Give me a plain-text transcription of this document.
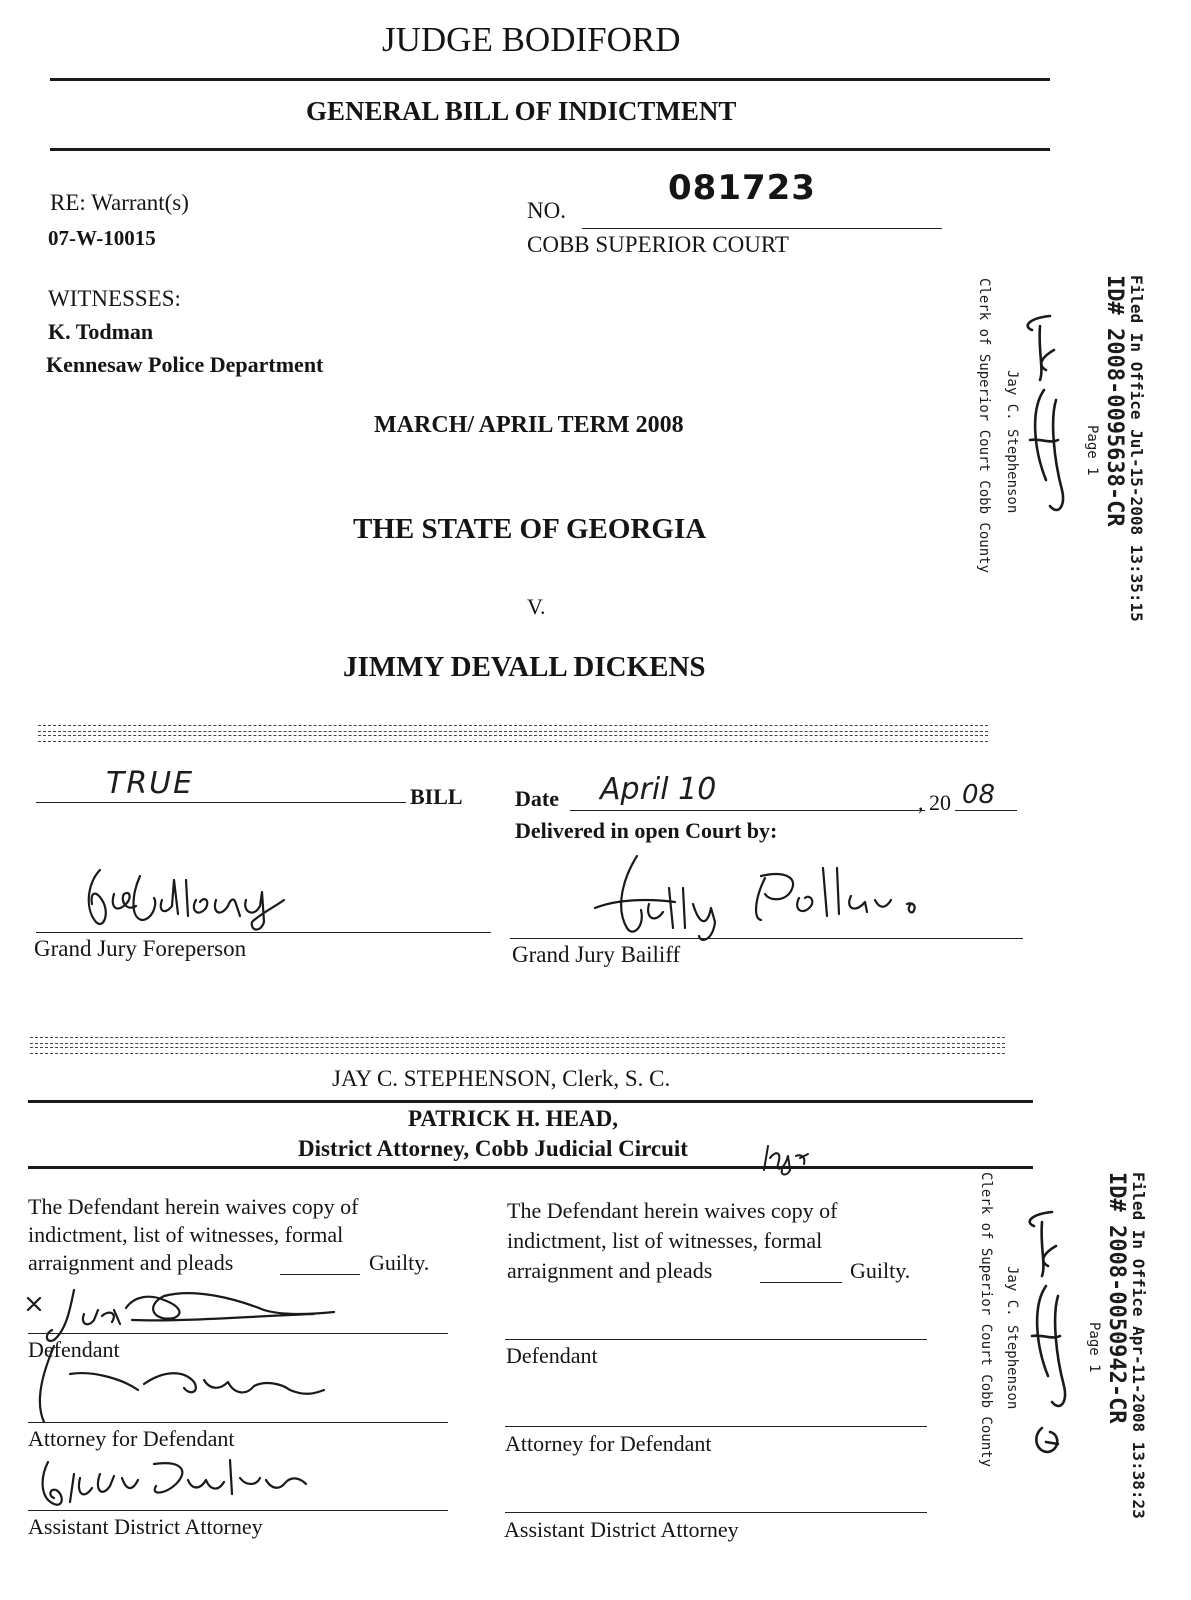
JUDGE BODIFORD
GENERAL BILL OF INDICTMENT
RE: Warrant(s)
07-W-10015
081723
NO.
COBB SUPERIOR COURT
WITNESSES:
K. Todman
Kennesaw Police Department
MARCH/ APRIL TERM 2008
THE STATE OF GEORGIA
V.
JIMMY DEVALL DICKENS
TRUE	BILL Date April 10	, 20 08
Delivered in open Court by:
Grand Jury Foreperson	Grand Jury Bailiff
JAY C. STEPHENSON, Clerk, S. C.
PATRICK H. HEAD,
District Attorney, Cobb Judicial Circuit
The Defendant herein waives copy of
indictment, list of witnesses, formal
arraignment and pleads	Guilty.
Defendant
Attorney for Defendant
Assistant District Attorney
The Defendant herein waives copy of
indictment, list of witnesses, formal
arraignment and pleads	Guilty.
Defendant
Attorney for Defendant
Assistant District Attorney
Filed In Office Jul-15-2008 13:35:15
ID# 2008-0095638-CR
Page 1
Jay C. Stephenson
Clerk of Superior Court Cobb County
Filed In Office Apr-11-2008 13:38:23
ID# 2008-0050942-CR
Page 1
Jay C. Stephenson
Clerk of Superior Court Cobb County
